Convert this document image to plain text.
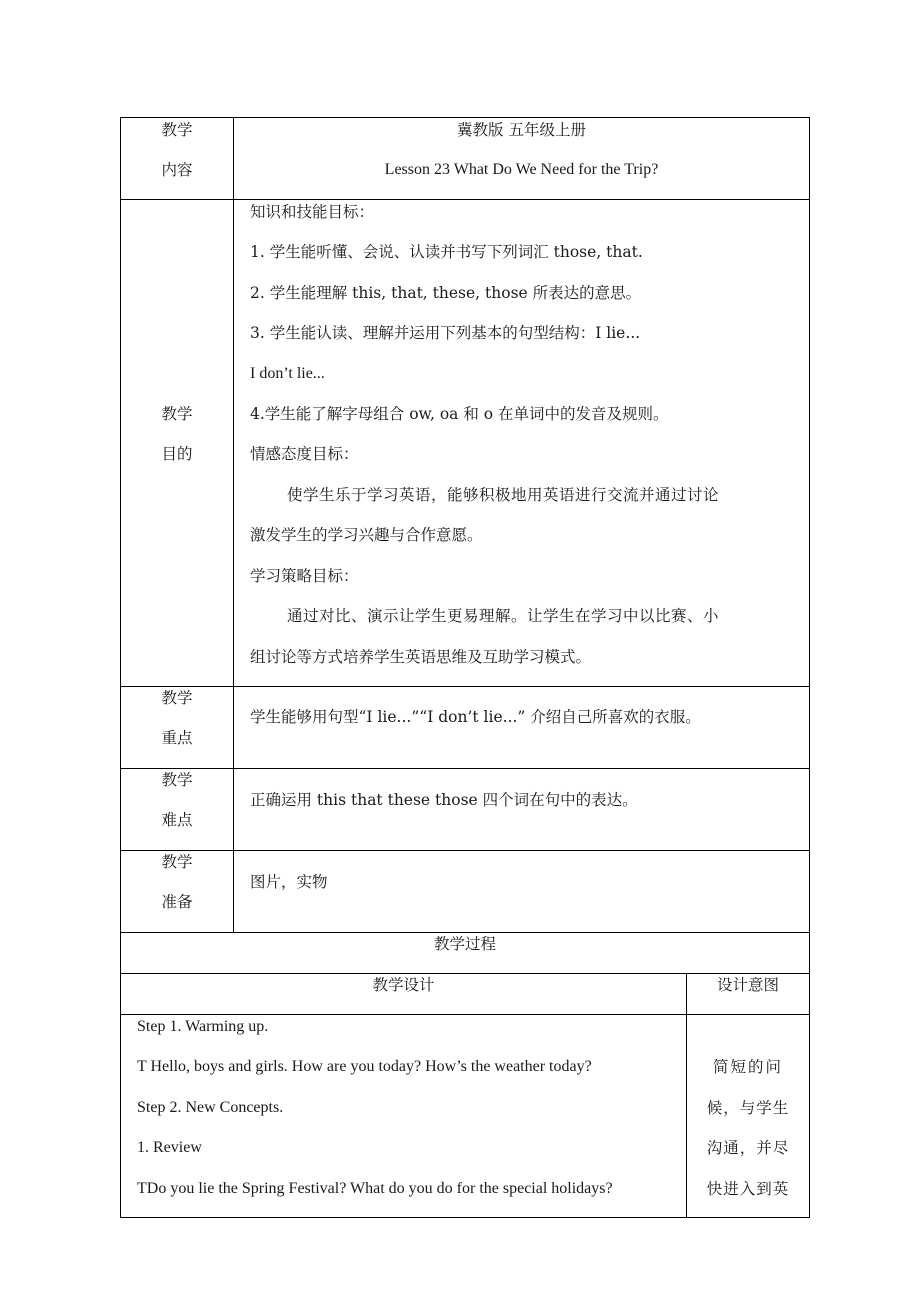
教学
内容
冀教版 五年级上册
Lesson 23 What Do We Need for the Trip?
教学
目的
知识和技能目标：
1. 学生能听懂、会说、认读并书写下列词汇 those, that.
2. 学生能理解 this, that, these, those 所表达的意思。
3. 学生能认读、理解并运用下列基本的句型结构：I lie...
I don’t lie...
4.学生能了解字母组合 ow, oa 和 o 在单词中的发音及规则。
情感态度目标：
使学生乐于学习英语，能够积极地用英语进行交流并通过讨论
激发学生的学习兴趣与合作意愿。
学习策略目标：
通过对比、演示让学生更易理解。让学生在学习中以比赛、小
组讨论等方式培养学生英语思维及互助学习模式。
教学
重点
学生能够用句型“I lie...”“I don’t lie...” 介绍自己所喜欢的衣服。
教学
难点
正确运用 this that these those 四个词在句中的表达。
教学
准备
图片，实物
教学过程
教学设计	设计意图
Step 1. Warming up.
T Hello, boys and girls. How are you today? How’s the weather today?
Step 2. New Concepts.
1. Review
TDo you lie the Spring Festival? What do you do for the special holidays?
简短的问
候，与学生
沟通，并尽
快进入到英
